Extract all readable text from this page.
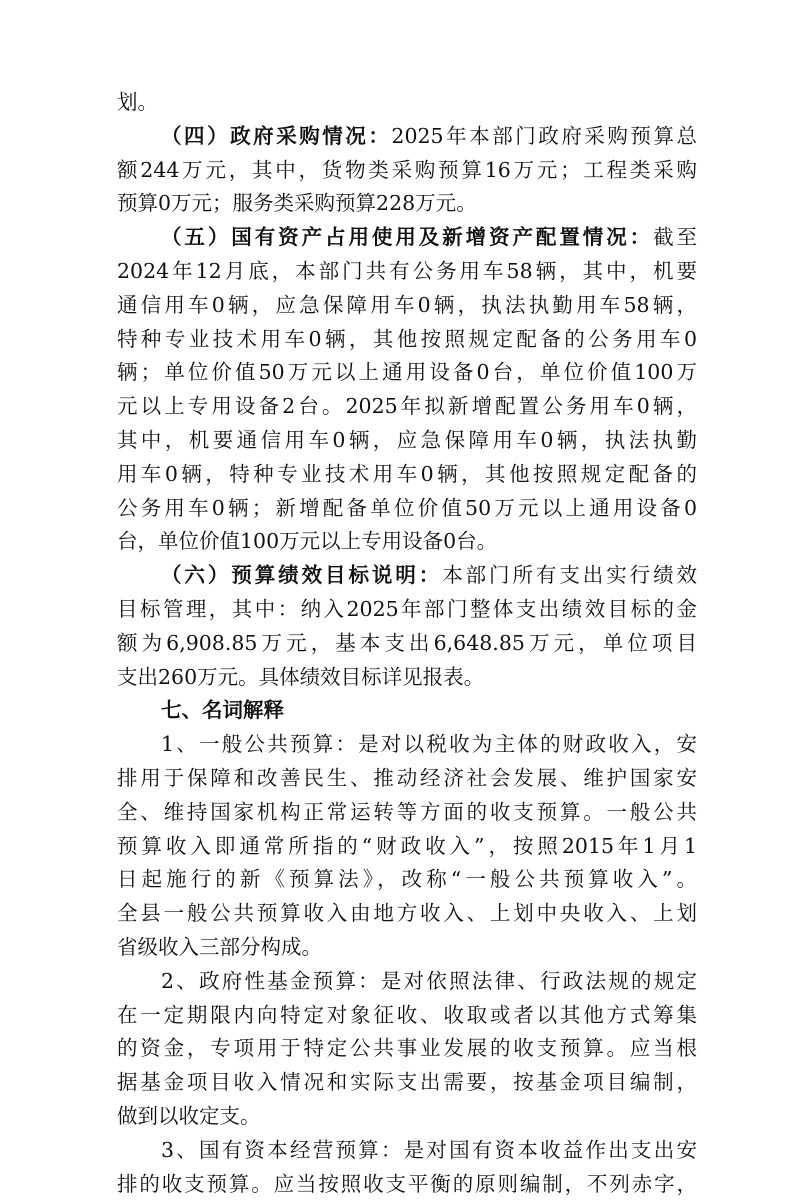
划。
（四）政府采购情况：2025年本部门政府采购预算总
额244万元，其中，货物类采购预算16万元；工程类采购
预算0万元；服务类采购预算228万元。
（五）国有资产占用使用及新增资产配置情况：截至
2024年12月底，本部门共有公务用车58辆，其中，机要
通信用车0辆，应急保障用车0辆，执法执勤用车58辆，
特种专业技术用车0辆，其他按照规定配备的公务用车0
辆；单位价值50万元以上通用设备0台，单位价值100万
元以上专用设备2台。2025年拟新增配置公务用车0辆，
其中，机要通信用车0辆，应急保障用车0辆，执法执勤
用车0辆，特种专业技术用车0辆，其他按照规定配备的
公务用车0辆；新增配备单位价值50万元以上通用设备0
台，单位价值100万元以上专用设备0台。
（六）预算绩效目标说明：本部门所有支出实行绩效
目标管理，其中：纳入2025年部门整体支出绩效目标的金
额为6,908.85万元，基本支出6,648.85万元，单位项目
支出260万元。具体绩效目标详见报表。
七、名词解释
1、一般公共预算：是对以税收为主体的财政收入，安
排用于保障和改善民生、推动经济社会发展、维护国家安
全、维持国家机构正常运转等方面的收支预算。一般公共
预算收入即通常所指的“财政收入”，按照2015年1月1
日起施行的新《预算法》，改称“一般公共预算收入”。
全县一般公共预算收入由地方收入、上划中央收入、上划
省级收入三部分构成。
2、政府性基金预算：是对依照法律、行政法规的规定
在一定期限内向特定对象征收、收取或者以其他方式筹集
的资金，专项用于特定公共事业发展的收支预算。应当根
据基金项目收入情况和实际支出需要，按基金项目编制，
做到以收定支。
3、国有资本经营预算：是对国有资本收益作出支出安
排的收支预算。应当按照收支平衡的原则编制，不列赤字，
